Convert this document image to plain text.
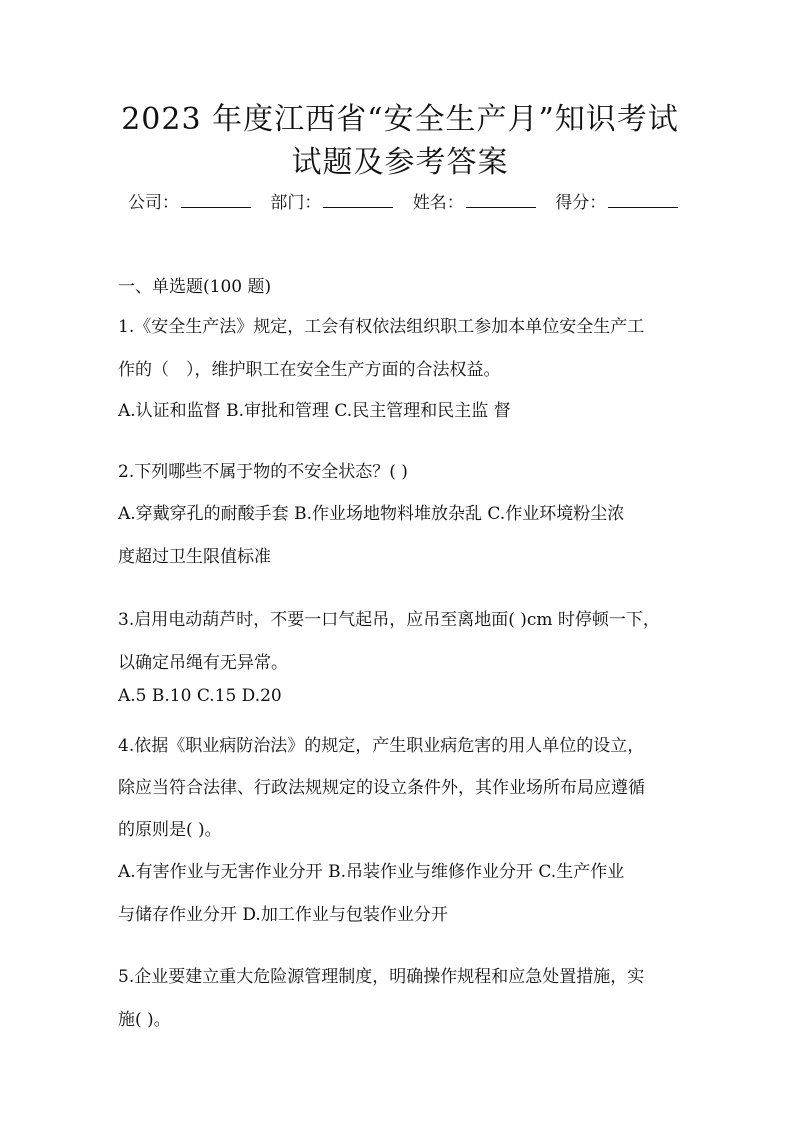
2023 年度江西省“安全生产月”知识考试
试题及参考答案
公司：	部门：	姓名：	得分：
一、单选题(100 题)
1.《安全生产法》规定，工会有权依法组织职工参加本单位安全生产工
作的（　），维护职工在安全生产方面的合法权益。
A.认证和监督 B.审批和管理 C.民主管理和民主监 督
2.下列哪些不属于物的不安全状态？( )
A.穿戴穿孔的耐酸手套 B.作业场地物料堆放杂乱 C.作业环境粉尘浓
度超过卫生限值标准
3.启用电动葫芦时，不要一口气起吊，应吊至离地面( )cm 时停顿一下，
以确定吊绳有无异常。
A.5 B.10 C.15 D.20
4.依据《职业病防治法》的规定，产生职业病危害的用人单位的设立，
除应当符合法律、行政法规规定的设立条件外，其作业场所布局应遵循
的原则是( )。
A.有害作业与无害作业分开 B.吊装作业与维修作业分开 C.生产作业
与储存作业分开 D.加工作业与包装作业分开
5.企业要建立重大危险源管理制度，明确操作规程和应急处置措施，实
施( )。
